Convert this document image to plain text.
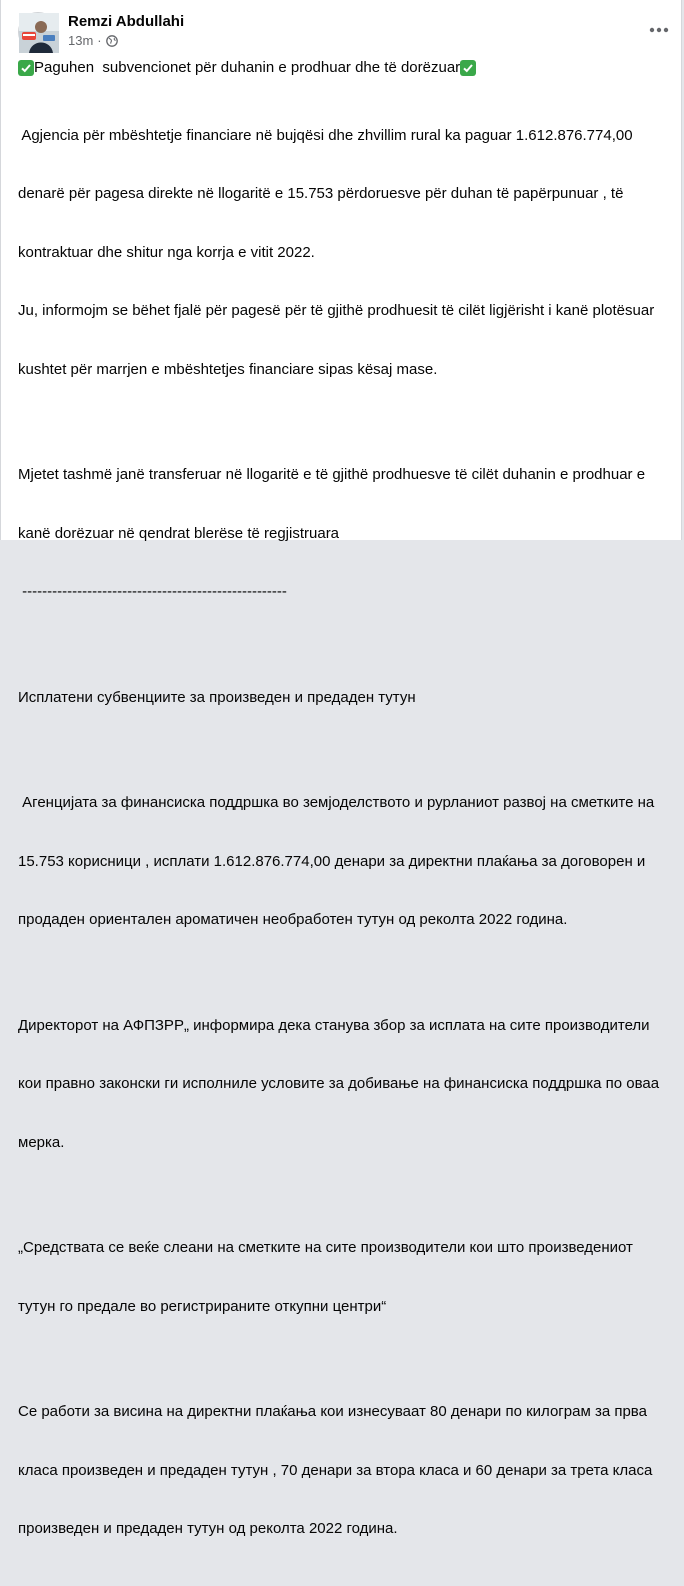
Remzi Abdullahi
13m ·
Paguhen  subvencionet për duhanin e prodhuar dhe të dorëzuar

Agjencia për mbështetje financiare në bujqësi dhe zhvillim rural ka paguar 1.612.876.774,00

denarë për pagesa direkte në llogaritë e 15.753 përdoruesve për duhan të papërpunuar , të

kontraktuar dhe shitur nga korrja e vitit 2022.

Ju, informojm se bëhet fjalë për pagesë për të gjithë prodhuesit të cilët ligjërisht i kanë plotësuar

kushtet për marrjen e mbështetjes financiare sipas kësaj mase.

Mjetet tashmë janë transferuar në llogaritë e të gjithë prodhuesve të cilët duhanin e prodhuar e

kanë dorëzuar në qendrat blerëse të regjistruara

-----------------------------------------------------

Исплатени субвенциите за произведен и предаден тутун

Агенцијата за финансиска поддршка во земјоделството и рурланиот развој на сметките на

15.753 корисници , исплати 1.612.876.774,00 денари за директни плаќања за договорен и

продаден ориентален ароматичен необработен тутун од реколта 2022 година.

Директорот на АФПЗРР„ информира дека станува збор за исплата на сите производители

кои правно законски ги исполниле условите за добивање на финансиска поддршка по оваа

мерка.

„Средствата се веќе слеани на сметките на сите производители кои што произведениот

тутун го предале во регистрираните откупни центри“

Се работи за висина на директни плаќања кои изнесуваат 80 денари по килограм за прва

класа произведен и предаден тутун , 70 денари за втора класа и 60 денари за трета класа

произведен и предаден тутун од реколта 2022 година.
